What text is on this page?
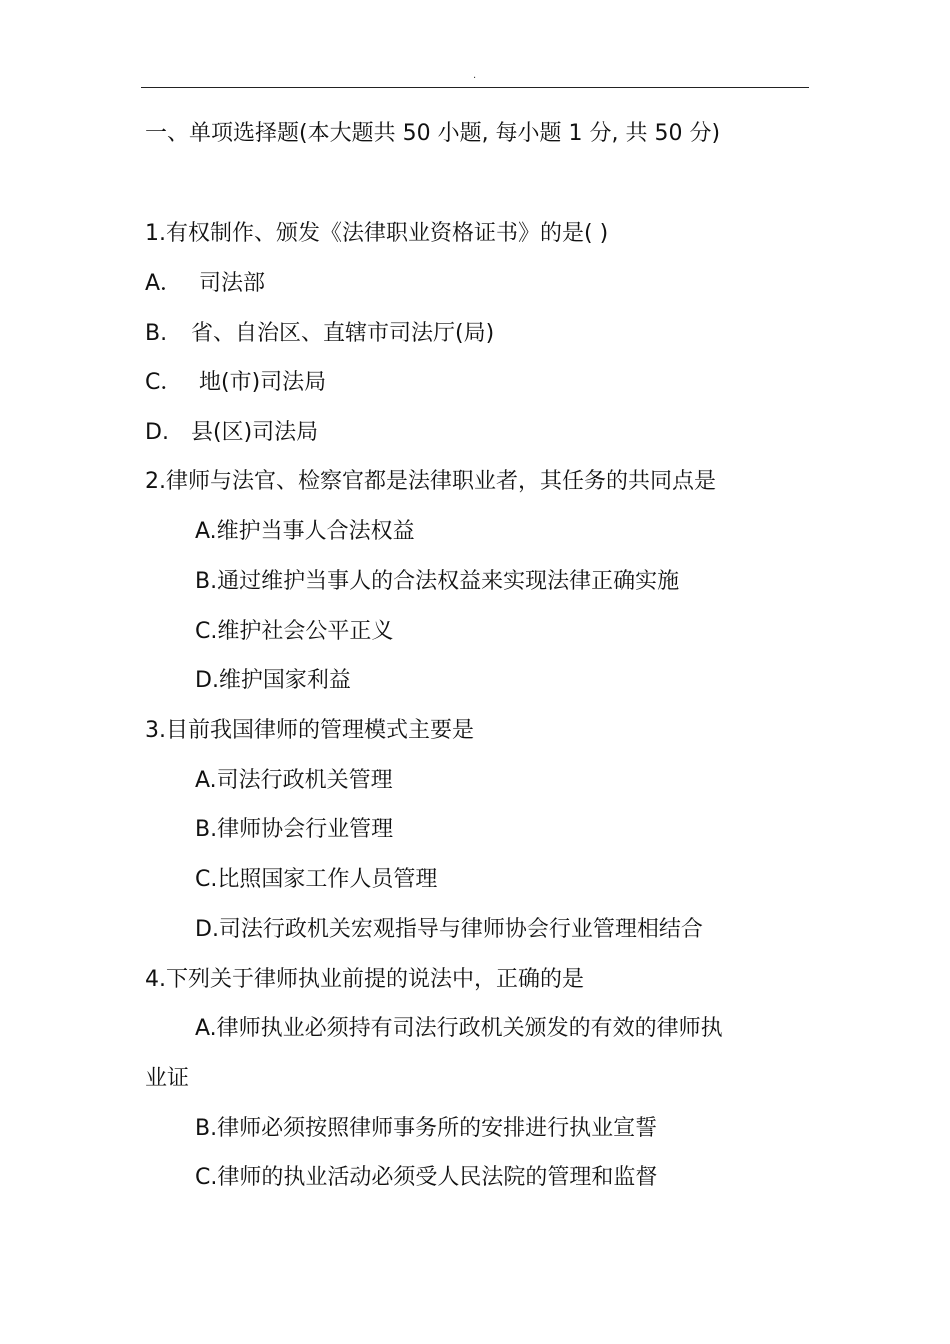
.
一、单项选择题(本大题共 50 小题, 每小题 1 分, 共 50 分)
1.有权制作、颁发《法律职业资格证书》的是( )
A． 司法部
B. 省、自治区、直辖市司法厅(局)
C． 地(市)司法局
D. 县(区)司法局
2.律师与法官、检察官都是法律职业者，其任务的共同点是
A.维护当事人合法权益
B.通过维护当事人的合法权益来实现法律正确实施
C.维护社会公平正义
D.维护国家利益
3.目前我国律师的管理模式主要是
A.司法行政机关管理
B.律师协会行业管理
C.比照国家工作人员管理
D.司法行政机关宏观指导与律师协会行业管理相结合
4.下列关于律师执业前提的说法中，正确的是
A.律师执业必须持有司法行政机关颁发的有效的律师执
业证
B.律师必须按照律师事务所的安排进行执业宣誓
C.律师的执业活动必须受人民法院的管理和监督
